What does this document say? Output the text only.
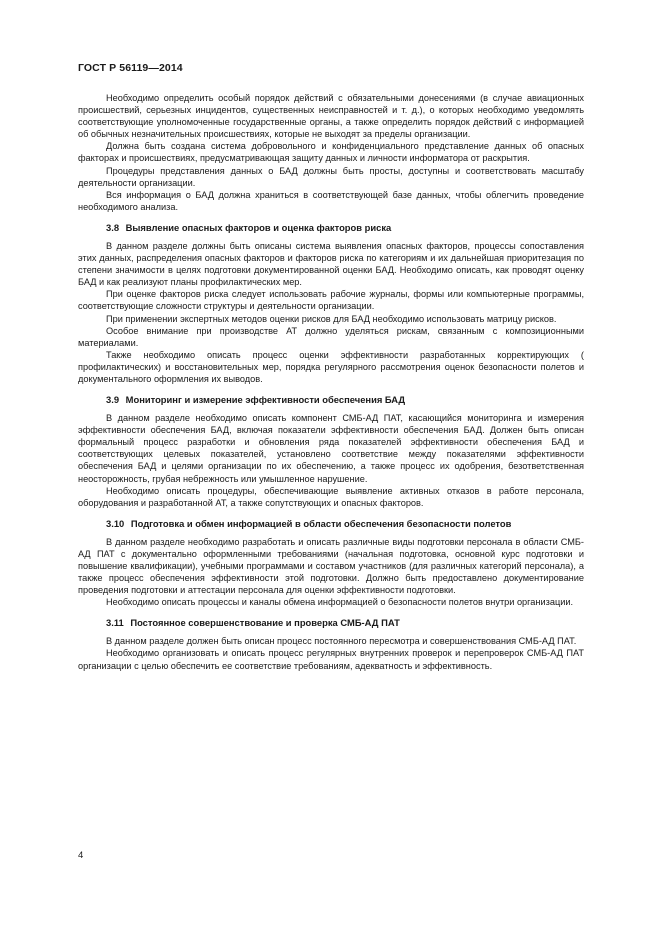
ГОСТ Р 56119—2014

Необходимо определить особый порядок действий с обязательными донесениями (в случае авиационных происшествий, серьезных инцидентов, существенных неисправностей и т. д.), о которых необходимо уведомлять соответствующие уполномоченные государственные органы, а также определить порядок действий с информацией об обычных незначительных происшествиях, которые не выходят за пределы организации.

Должна быть создана система добровольного и конфиденциального представление данных об опасных факторах и происшествиях, предусматривающая защиту данных и личности информатора от раскрытия.

Процедуры представления данных о БАД должны быть просты, доступны и соответствовать масштабу деятельности организации.

Вся информация о БАД должна храниться в соответствующей базе данных, чтобы облегчить проведение необходимого анализа.

3.8 Выявление опасных факторов и оценка факторов риска

В данном разделе должны быть описаны система выявления опасных факторов, процессы сопоставления этих данных, распределения опасных факторов и факторов риска по категориям и их дальнейшая приоритезация по степени значимости в целях подготовки документированной оценки БАД. Необходимо описать, как проводят оценку БАД и как реализуют планы профилактических мер.

При оценке факторов риска следует использовать рабочие журналы, формы или компьютерные программы, соответствующие сложности структуры и деятельности организации.

При применении экспертных методов оценки рисков для БАД необходимо использовать матрицу рисков.

Особое внимание при производстве АТ должно уделяться рискам, связанным с композиционными материалами.

Также необходимо описать процесс оценки эффективности разработанных корректирующих ( профилактических) и восстановительных мер, порядка регулярного рассмотрения оценок безопасности полетов и документального оформления их выводов.

3.9 Мониторинг и измерение эффективности обеспечения БАД

В данном разделе необходимо описать компонент СМБ-АД ПАТ, касающийся мониторинга и измерения эффективности обеспечения БАД, включая показатели эффективности обеспечения БАД. Должен быть описан формальный процесс разработки и обновления ряда показателей эффективности обеспечения БАД и соответствующих целевых показателей, установлено соответствие между показателями эффективности обеспечения БАД и целями организации по их обеспечению, а также процесс их одобрения, безответственная неосторожность, грубая небрежность или умышленное нарушение.

Необходимо описать процедуры, обеспечивающие выявление активных отказов в работе персонала, оборудования и разработанной АТ, а также сопутствующих и опасных факторов.

3.10 Подготовка и обмен информацией в области обеспечения безопасности полетов

В данном разделе необходимо разработать и описать различные виды подготовки персонала в области СМБ-АД ПАТ с документально оформленными требованиями (начальная подготовка, основной курс подготовки и повышение квалификации), учебными программами и составом участников (для различных категорий персонала), а также процесс обеспечения эффективности этой подготовки. Должно быть предоставлено документирование проведения подготовки и аттестации персонала для оценки эффективности подготовки.

Необходимо описать процессы и каналы обмена информацией о безопасности полетов внутри организации.

3.11 Постоянное совершенствование и проверка СМБ-АД ПАТ

В данном разделе должен быть описан процесс постоянного пересмотра и совершенствования СМБ-АД ПАТ.

Необходимо организовать и описать процесс регулярных внутренних проверок и перепроверок СМБ-АД ПАТ организации с целью обеспечить ее соответствие требованиям, адекватность и эффективность.

4
